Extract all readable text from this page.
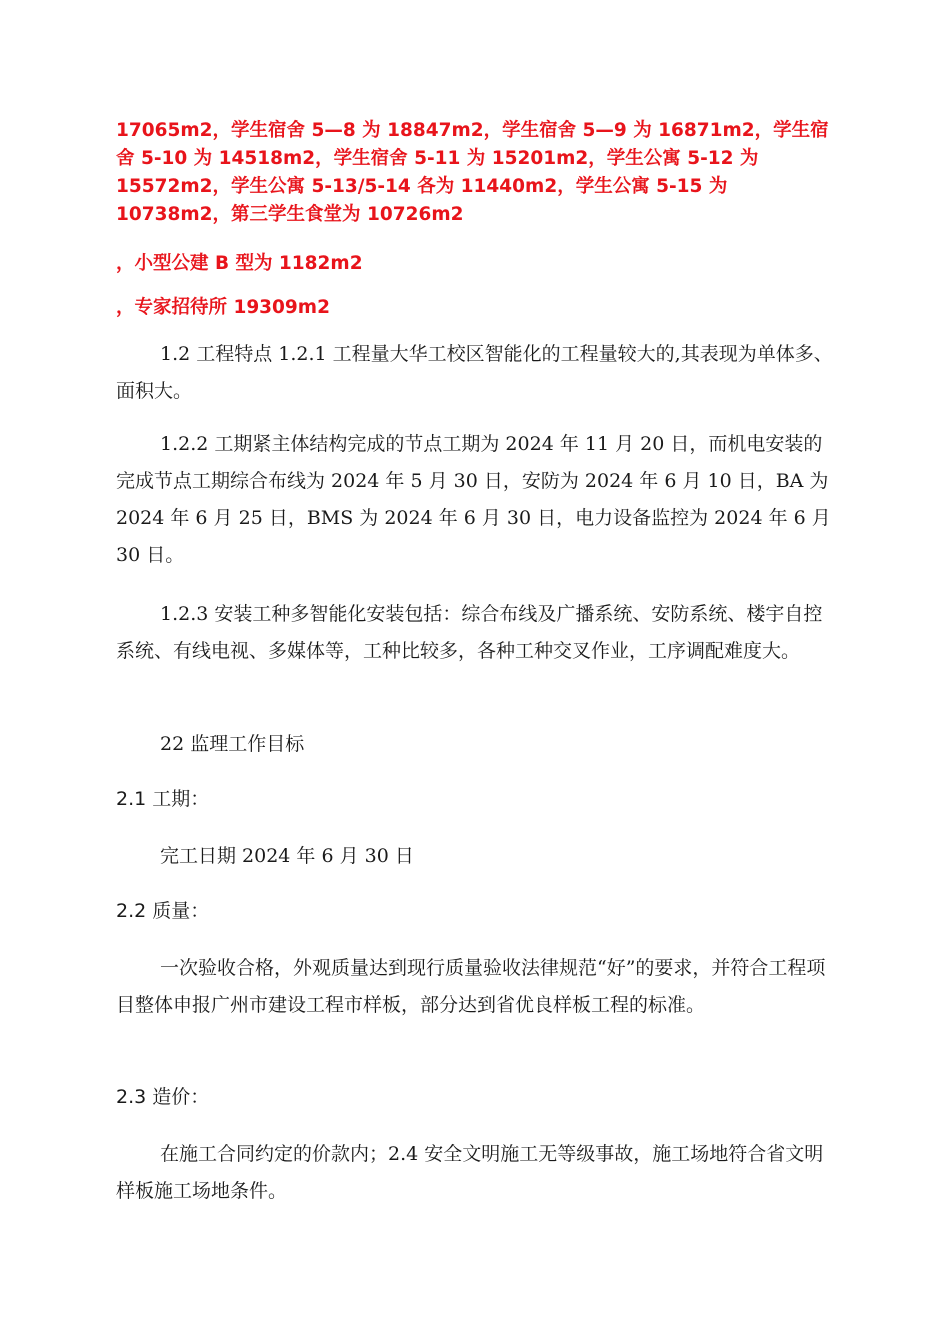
17065m2，学生宿舍 5—8 为 18847m2，学生宿舍 5—9 为 16871m2，学生宿舍 5-10 为 14518m2，学生宿舍 5-11 为 15201m2，学生公寓 5-12 为 15572m2，学生公寓 5-13/5-14 各为 11440m2，学生公寓 5-15 为 10738m2，第三学生食堂为 10726m2

，小型公建 B 型为 1182m2

，专家招待所 19309m2

1.2 工程特点 1.2.1 工程量大华工校区智能化的工程量较大的,其表现为单体多、面积大。

1.2.2 工期紧主体结构完成的节点工期为 2024 年 11 月 20 日，而机电安装的完成节点工期综合布线为 2024 年 5 月 30 日，安防为 2024 年 6 月 10 日，BA 为 2024 年 6 月 25 日，BMS 为 2024 年 6 月 30 日，电力设备监控为 2024 年 6 月 30 日。

1.2.3 安装工种多智能化安装包括：综合布线及广播系统、安防系统、楼宇自控系统、有线电视、多媒体等，工种比较多，各种工种交叉作业，工序调配难度大。

22 监理工作目标

2.1 工期：

完工日期 2024 年 6 月 30 日

2.2 质量：

一次验收合格，外观质量达到现行质量验收法律规范“好”的要求，并符合工程项目整体申报广州市建设工程市样板，部分达到省优良样板工程的标准。

2.3 造价：

在施工合同约定的价款内；2.4 安全文明施工无等级事故，施工场地符合省文明样板施工场地条件。
